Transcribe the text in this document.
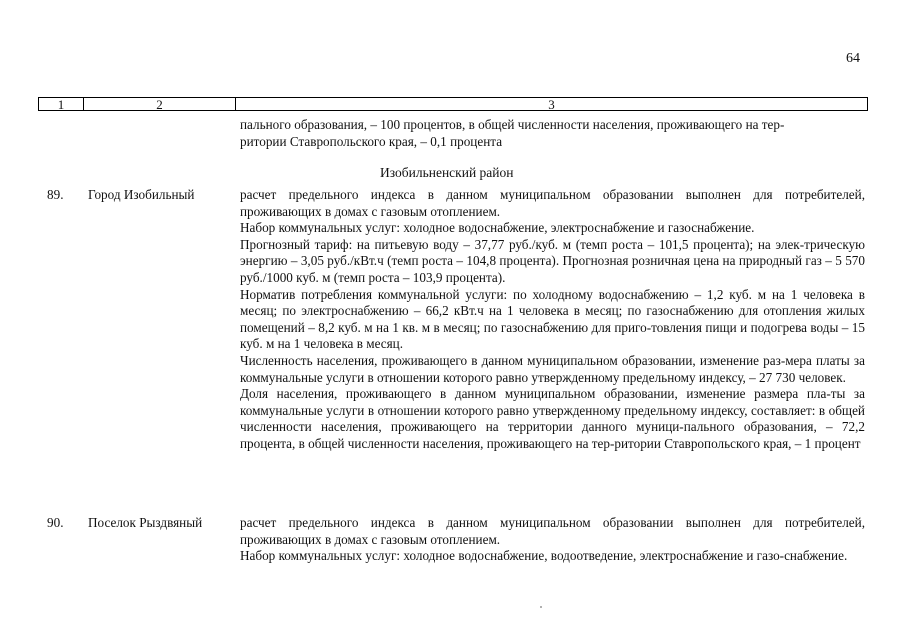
64
1	2	3

пального образования, – 100 процентов, в общей численности населения, проживающего на тер-

ритории Ставропольского края, – 0,1 процента

Изобильненский район
89. Город Изобильный	расчет предельного индекса в данном муниципальном образовании выполнен для потребителей, проживающих в домах с газовым отоплением.

Набор коммунальных услуг: холодное водоснабжение, электроснабжение и газоснабжение.

Прогнозный тариф: на питьевую воду – 37,77 руб./куб. м (темп роста – 101,5 процента); на элек-трическую энергию – 3,05 руб./кВт.ч (темп роста – 104,8 процента). Прогнозная розничная цена на природный газ – 5 570 руб./1000 куб. м (темп роста – 103,9 процента).

Норматив потребления коммунальной услуги: по холодному водоснабжению – 1,2 куб. м на 1 человека в месяц; по электроснабжению – 66,2 кВт.ч на 1 человека в месяц; по газоснабжению для отопления жилых помещений – 8,2 куб. м на 1 кв. м в месяц; по газоснабжению для приго-товления пищи и подогрева воды – 15 куб. м на 1 человека в месяц.

Численность населения, проживающего в данном муниципальном образовании, изменение раз-мера платы за коммунальные услуги в отношении которого равно утвержденному предельному индексу, – 27 730 человек.

Доля населения, проживающего в данном муниципальном образовании, изменение размера пла-ты за коммунальные услуги в отношении которого равно утвержденному предельному индексу, составляет: в общей численности населения, проживающего на территории данного муници-пального образования, – 72,2 процента, в общей численности населения, проживающего на тер-ритории Ставропольского края, – 1 процент

90. Поселок Рыздвяный	расчет предельного индекса в данном муниципальном образовании выполнен для потребителей, проживающих в домах с газовым отоплением.

Набор коммунальных услуг: холодное водоснабжение, водоотведение, электроснабжение и газо-снабжение.
